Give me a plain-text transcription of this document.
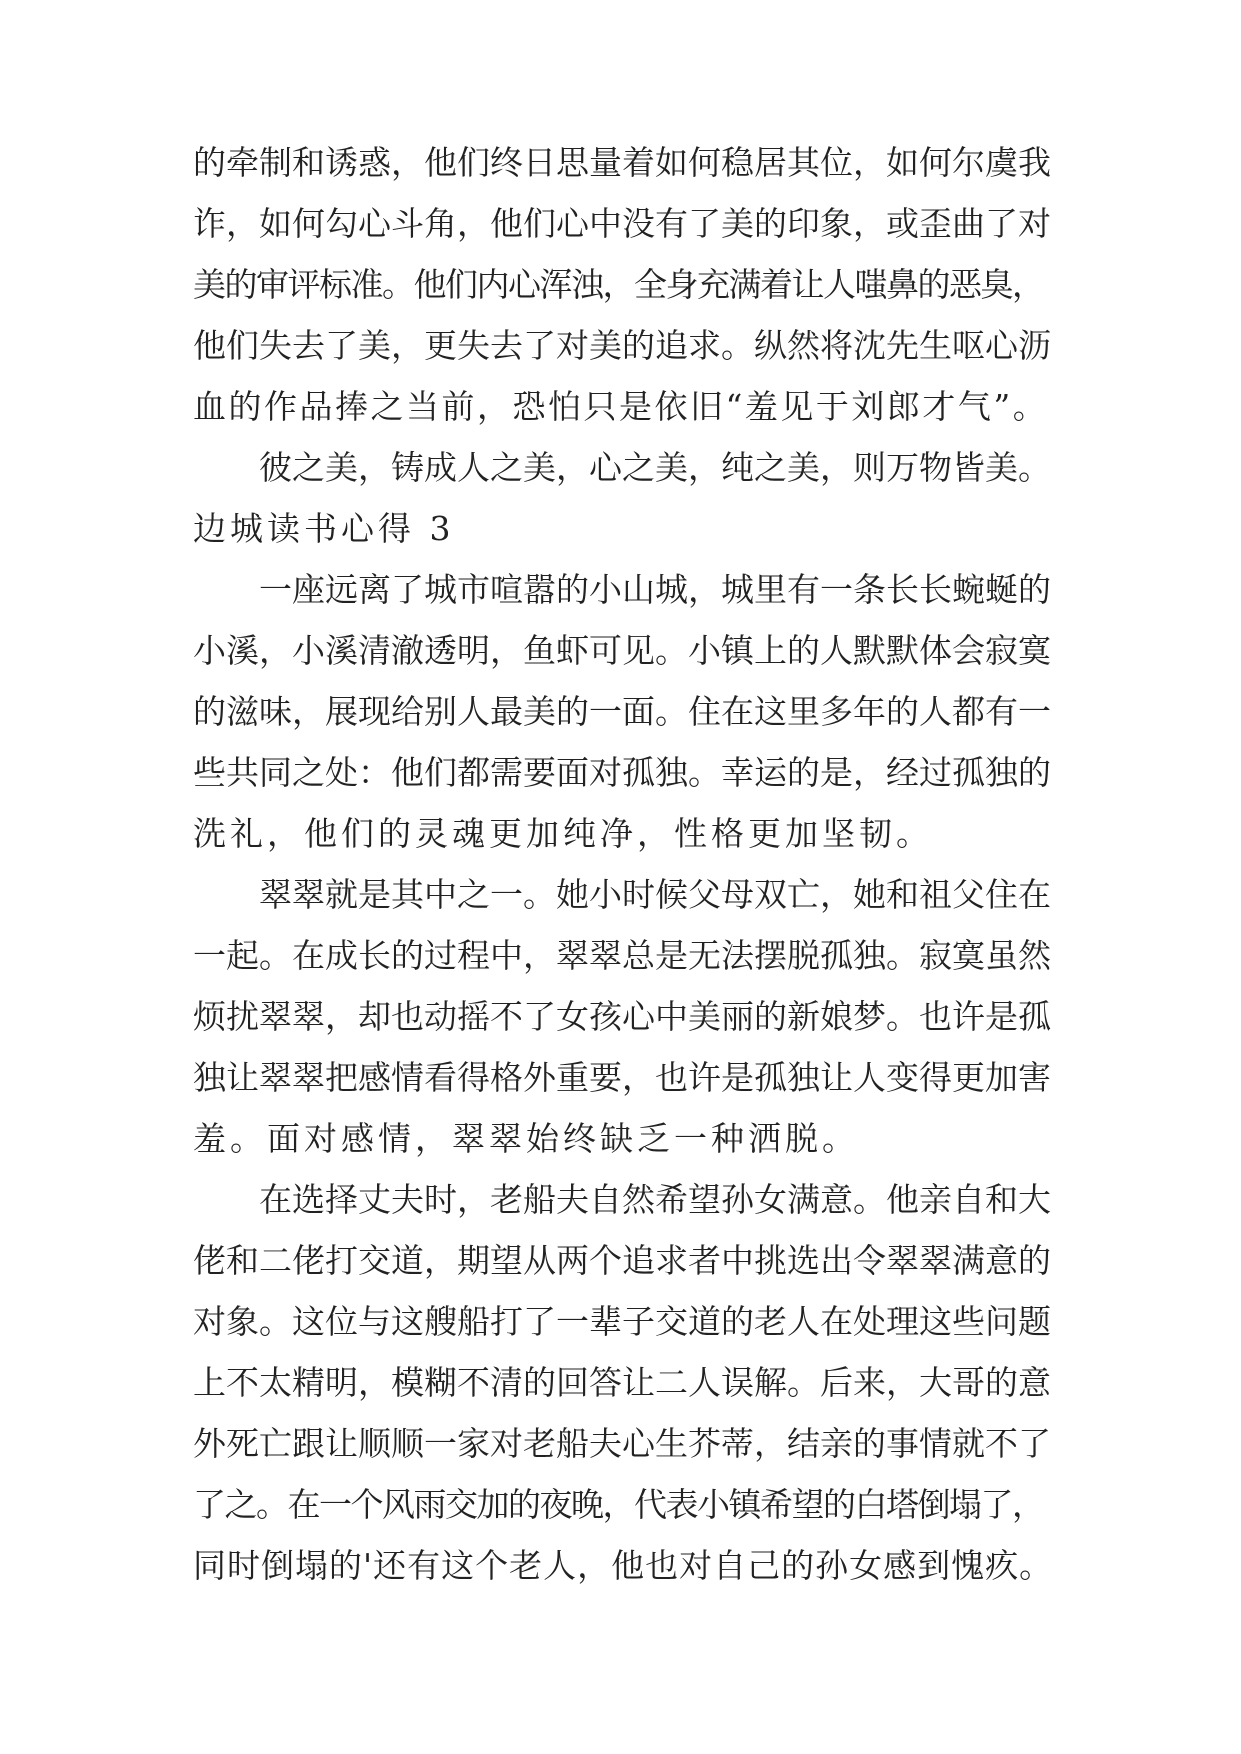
的牵制和诱惑，他们终日思量着如何稳居其位，如何尔虞我
诈，如何勾心斗角，他们心中没有了美的印象，或歪曲了对
美的审评标准。他们内心浑浊，全身充满着让人嗤鼻的恶臭，
他们失去了美，更失去了对美的追求。纵然将沈先生呕心沥
血的作品捧之当前，恐怕只是依旧“羞见于刘郎才气”。
彼之美，铸成人之美，心之美，纯之美，则万物皆美。
边城读书心得 3
一座远离了城市喧嚣的小山城，城里有一条长长蜿蜒的
小溪，小溪清澈透明，鱼虾可见。小镇上的人默默体会寂寞
的滋味，展现给别人最美的一面。住在这里多年的人都有一
些共同之处：他们都需要面对孤独。幸运的是，经过孤独的
洗礼，他们的灵魂更加纯净，性格更加坚韧。
翠翠就是其中之一。她小时候父母双亡，她和祖父住在
一起。在成长的过程中，翠翠总是无法摆脱孤独。寂寞虽然
烦扰翠翠，却也动摇不了女孩心中美丽的新娘梦。也许是孤
独让翠翠把感情看得格外重要，也许是孤独让人变得更加害
羞。面对感情，翠翠始终缺乏一种洒脱。
在选择丈夫时，老船夫自然希望孙女满意。他亲自和大
佬和二佬打交道，期望从两个追求者中挑选出令翠翠满意的
对象。这位与这艘船打了一辈子交道的老人在处理这些问题
上不太精明，模糊不清的回答让二人误解。后来，大哥的意
外死亡跟让顺顺一家对老船夫心生芥蒂，结亲的事情就不了
了之。在一个风雨交加的夜晚，代表小镇希望的白塔倒塌了，
同时倒塌的'还有这个老人，他也对自己的孙女感到愧疚。
